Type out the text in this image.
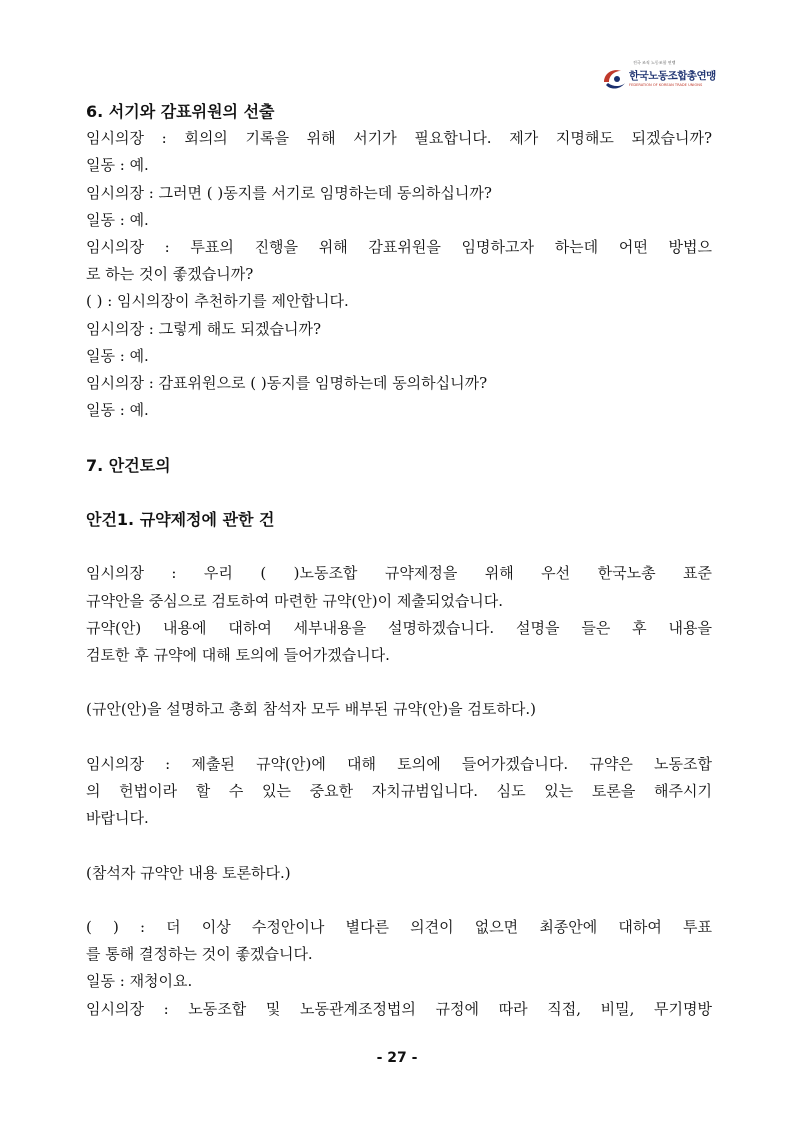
전국 조직 노동조합 연맹
한국노동조합총연맹
FEDERATION OF KOREAN TRADE UNIONS

6. 서기와 감표위원의 선출

임시의장 : 회의의 기록을 위해 서기가 필요합니다. 제가 지명해도 되겠습니까?

일동 : 예.

임시의장 : 그러면 ( )동지를 서기로 임명하는데 동의하십니까?

일동 : 예.

임시의장 : 투표의 진행을 위해 감표위원을 임명하고자 하는데 어떤 방법으

로 하는 것이 좋겠습니까?

( ) : 임시의장이 추천하기를 제안합니다.

임시의장 : 그렇게 해도 되겠습니까?

일동 : 예.

임시의장 : 감표위원으로 ( )동지를 임명하는데 동의하십니까?

일동 : 예.

7. 안건토의

안건1. 규약제정에 관한 건

임시의장 : 우리 ( )노동조합 규약제정을 위해 우선 한국노총 표준

규약안을 중심으로 검토하여 마련한 규약(안)이 제출되었습니다.

규약(안) 내용에 대하여 세부내용을 설명하겠습니다. 설명을 들은 후 내용을

검토한 후 규약에 대해 토의에 들어가겠습니다.

(규안(안)을 설명하고 총회 참석자 모두 배부된 규약(안)을 검토하다.)

임시의장 : 제출된 규약(안)에 대해 토의에 들어가겠습니다. 규약은 노동조합

의 헌법이라 할 수 있는 중요한 자치규범입니다. 심도 있는 토론을 해주시기

바랍니다.

(참석자 규약안 내용 토론하다.)

( ) : 더 이상 수정안이나 별다른 의견이 없으면 최종안에 대하여 투표

를 통해 결정하는 것이 좋겠습니다.

일동 : 재청이요.

임시의장 : 노동조합 및 노동관계조정법의 규정에 따라 직접, 비밀, 무기명방

- 27 -
